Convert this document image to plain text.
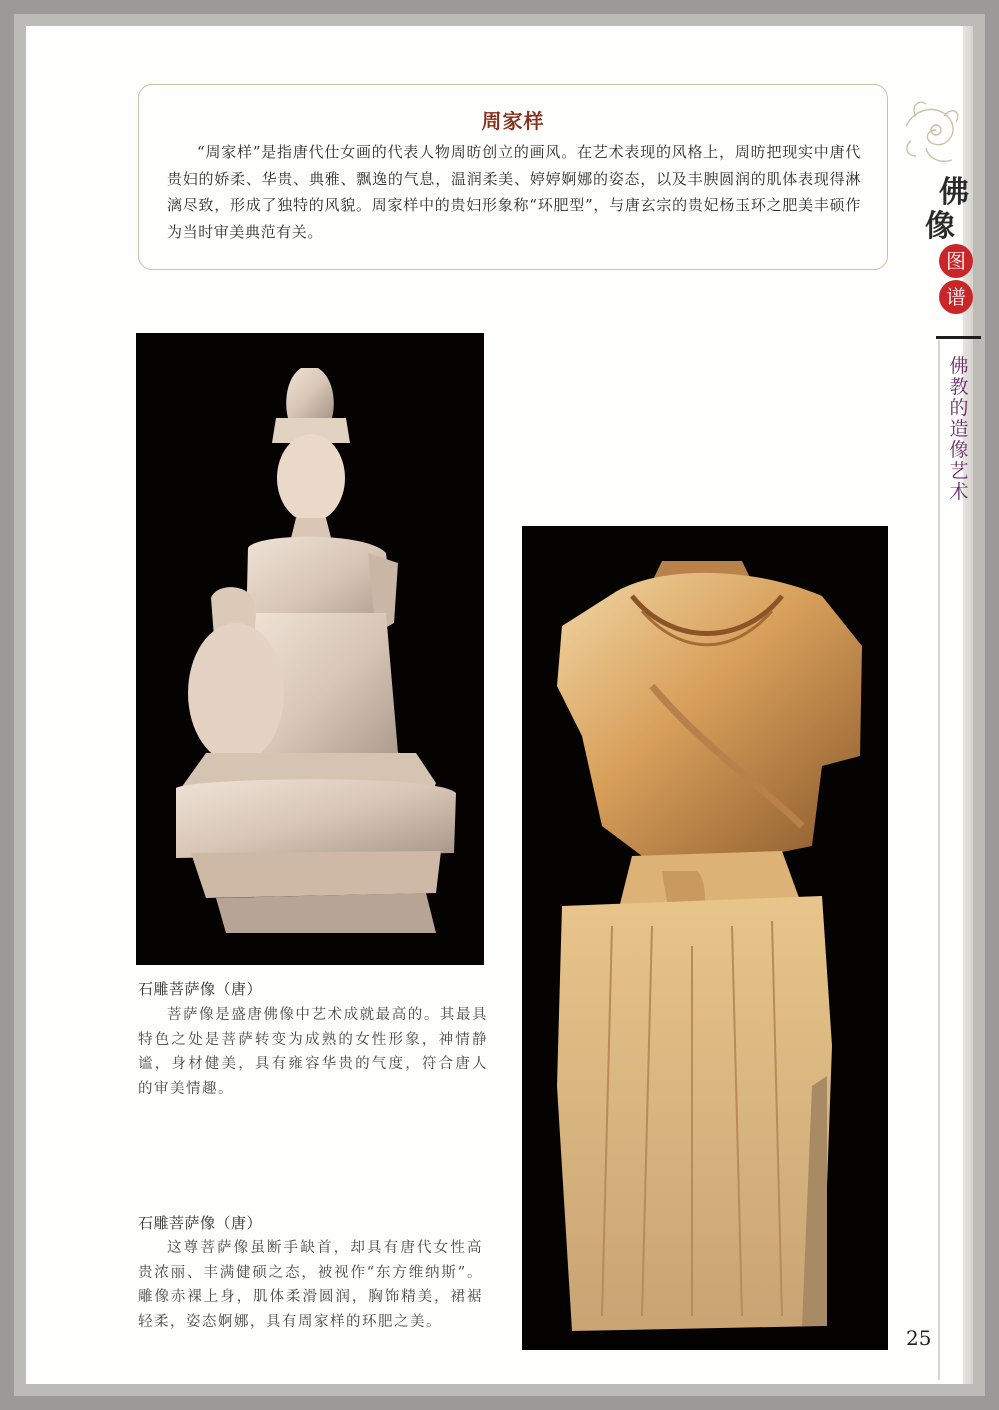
周家样
“周家样”是指唐代仕女画的代表人物周昉创立的画风。在艺术表现的风格上，周昉把现实中唐代贵妇的娇柔、华贵、典雅、飘逸的气息，温润柔美、婷婷婀娜的姿态，以及丰腴圆润的肌体表现得淋漓尽致，形成了独特的风貌。周家样中的贵妇形象称“环肥型”，与唐玄宗的贵妃杨玉环之肥美丰硕作为当时审美典范有关。
佛
像
图
谱
佛教的造像艺术
石雕菩萨像（唐）
菩萨像是盛唐佛像中艺术成就最高的。其最具特色之处是菩萨转变为成熟的女性形象，神情静谧，身材健美，具有雍容华贵的气度，符合唐人的审美情趣。
石雕菩萨像（唐）
这尊菩萨像虽断手缺首，却具有唐代女性高贵浓丽、丰满健硕之态，被视作“东方维纳斯”。雕像赤裸上身，肌体柔滑圆润，胸饰精美，裙裾轻柔，姿态婀娜，具有周家样的环肥之美。
25
